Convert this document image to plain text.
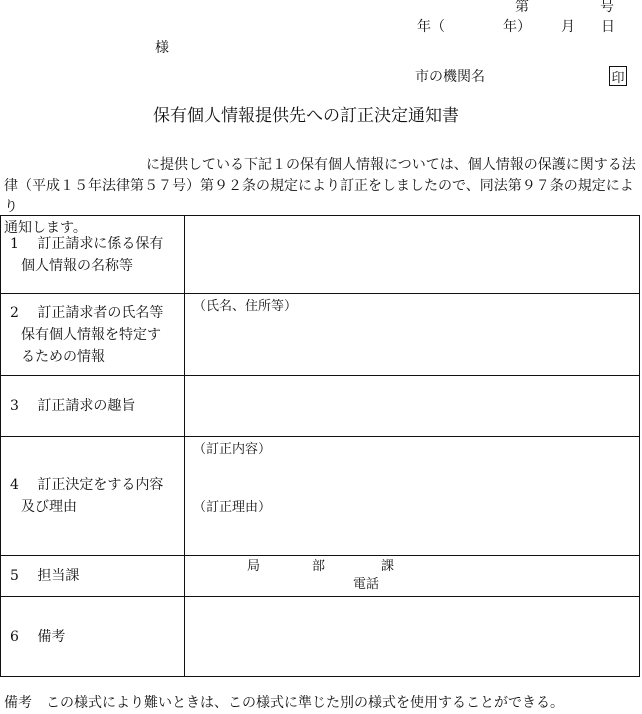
第	号
年（	年） 月 日
様
市の機関名	印
保有個人情報提供先への訂正決定通知書
に提供している下記１の保有個人情報については、個人情報の保護に関する法
律（平成１５年法律第５７号）第９２条の規定により訂正をしましたので、同法第９７条の規定により
通知します。
1　 訂正請求に係る保有
個人情報の名称等	

2　 訂正請求者の氏名等
保有個人情報を特定す
るための情報	（氏名、住所等）

3　 訂正請求の趣旨	
4　 訂正決定をする内容
及び理由	（訂正内容）
（訂正理由）

5　 担当課	局 部 課
電話

6　 備考	
備考　この様式により難いときは、この様式に準じた別の様式を使用することができる。
